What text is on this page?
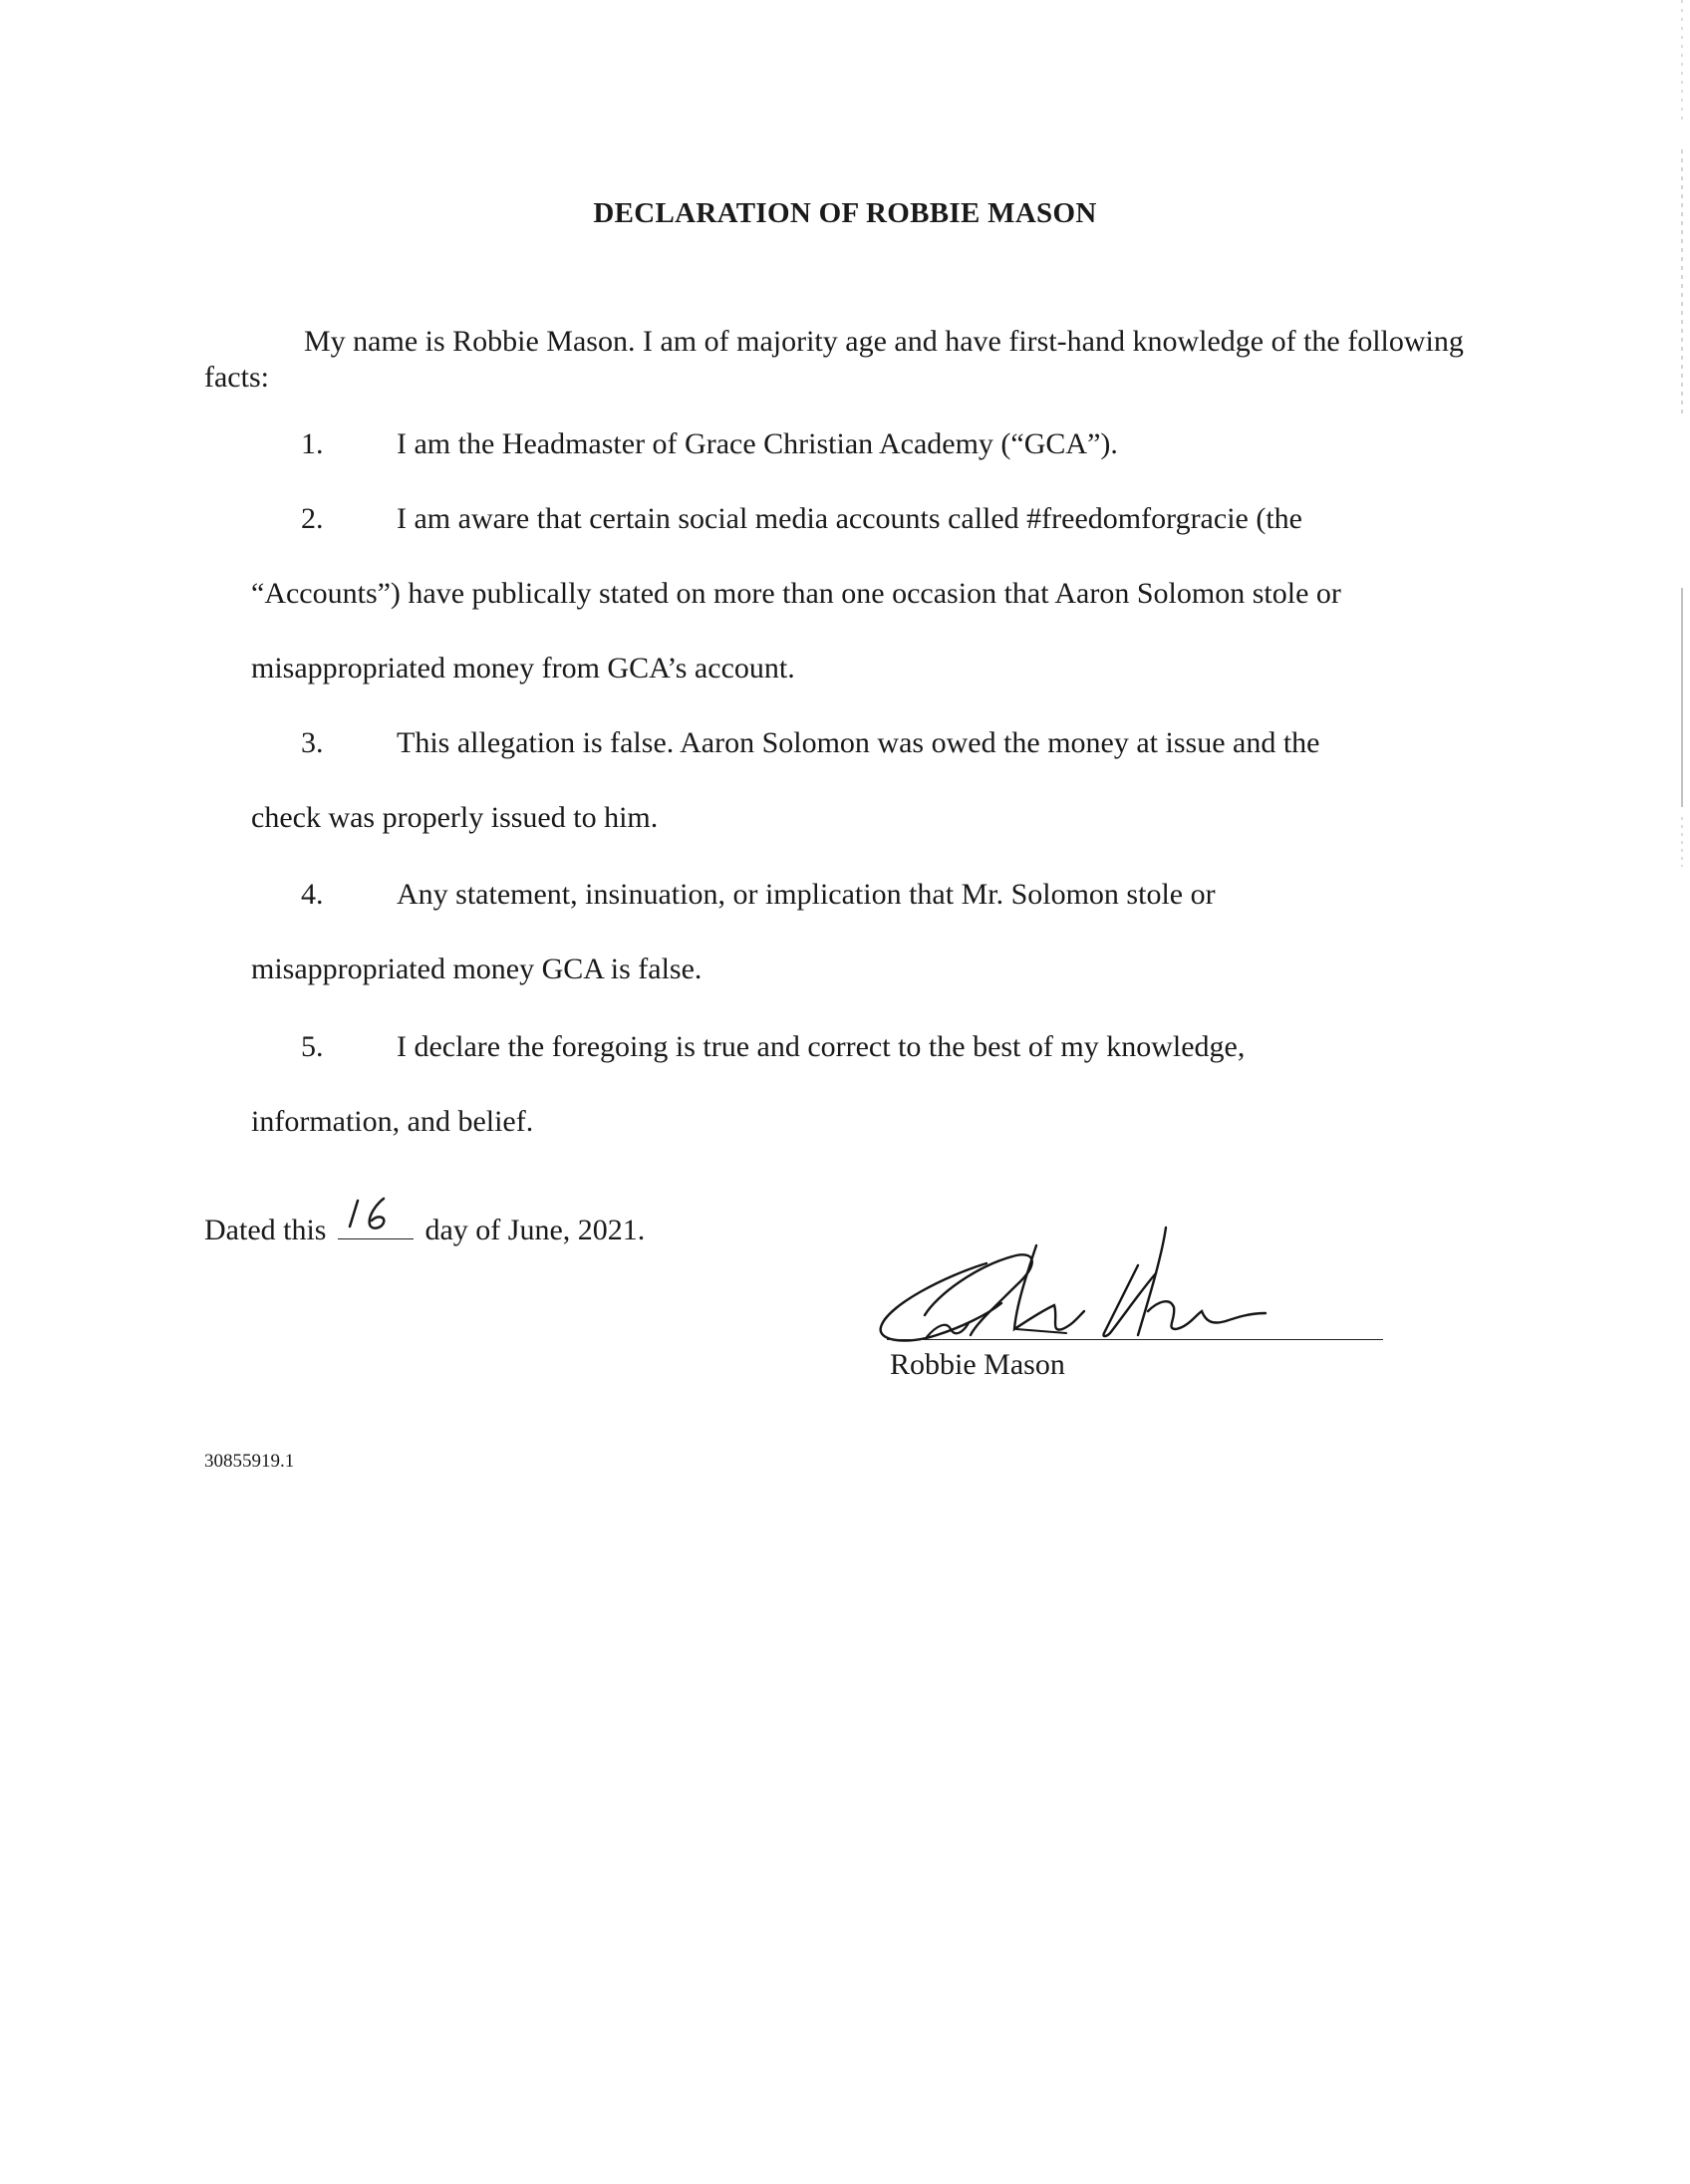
DECLARATION OF ROBBIE MASON
My name is Robbie Mason. I am of majority age and have first-hand knowledge of the following facts:
1. I am the Headmaster of Grace Christian Academy (“GCA”).
2. I am aware that certain social media accounts called #freedomforgracie (the
“Accounts”) have publically stated on more than one occasion that Aaron Solomon stole or
misappropriated money from GCA’s account.
3. This allegation is false. Aaron Solomon was owed the money at issue and the
check was properly issued to him.
4. Any statement, insinuation, or implication that Mr. Solomon stole or
misappropriated money GCA is false.
5. I declare the foregoing is true and correct to the best of my knowledge,
information, and belief.
Dated this	day of June, 2021.
Robbie Mason
30855919.1
